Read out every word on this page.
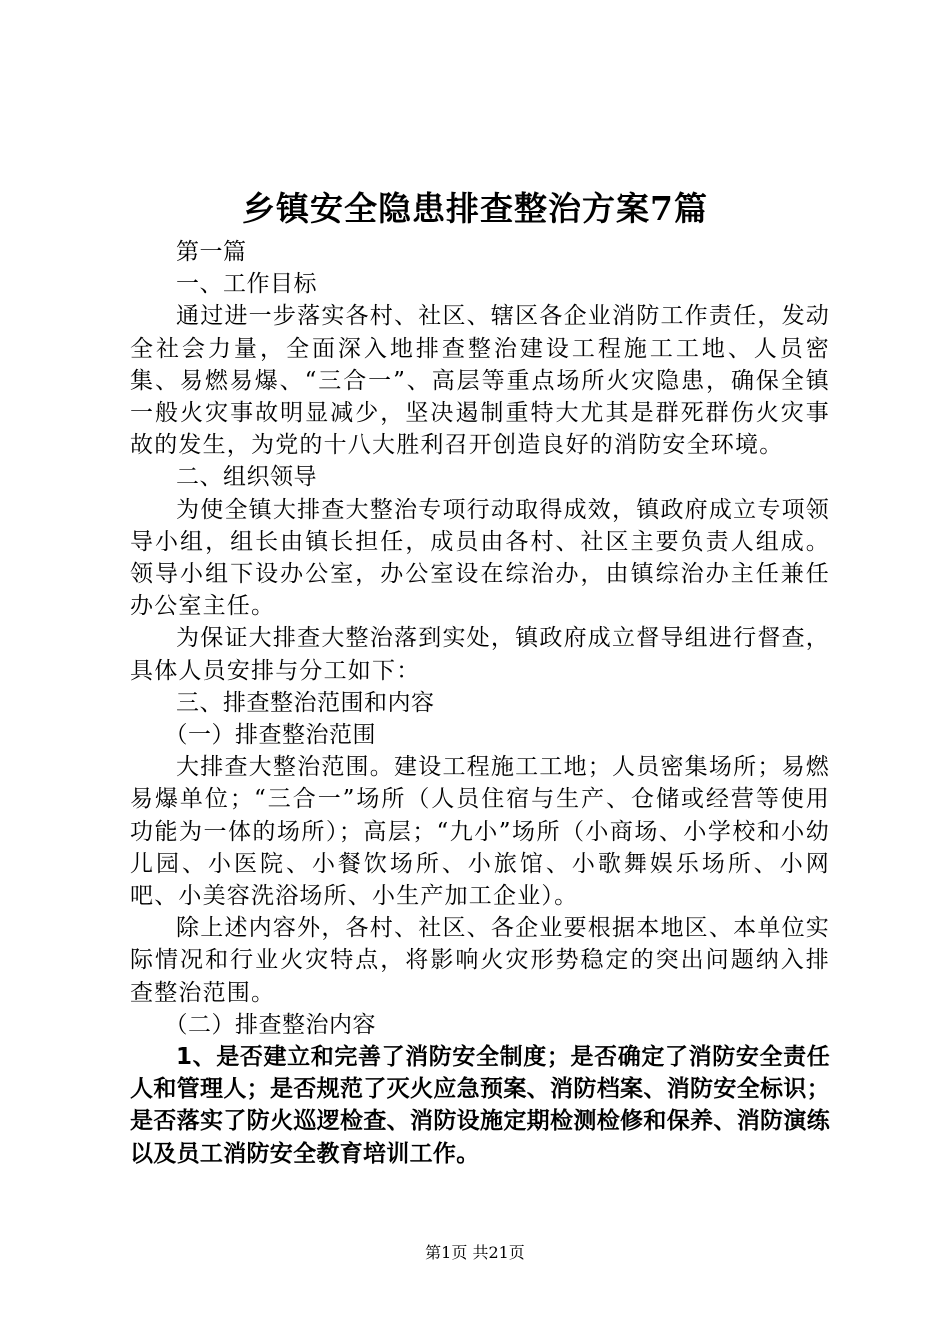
乡镇安全隐患排查整治方案7篇

第一篇

一、工作目标

通过进一步落实各村、社区、辖区各企业消防工作责任，发动全社会力量，全面深入地排查整治建设工程施工工地、人员密集、易燃易爆、“三合一”、高层等重点场所火灾隐患，确保全镇一般火灾事故明显减少，坚决遏制重特大尤其是群死群伤火灾事故的发生，为党的十八大胜利召开创造良好的消防安全环境。

二、组织领导

为使全镇大排查大整治专项行动取得成效，镇政府成立专项领导小组，组长由镇长担任，成员由各村、社区主要负责人组成。领导小组下设办公室，办公室设在综治办，由镇综治办主任兼任办公室主任。

为保证大排查大整治落到实处，镇政府成立督导组进行督查，具体人员安排与分工如下：

三、排查整治范围和内容

（一）排查整治范围

大排查大整治范围。建设工程施工工地；人员密集场所；易燃易爆单位；“三合一”场所（人员住宿与生产、仓储或经营等使用功能为一体的场所）；高层；“九小”场所（小商场、小学校和小幼儿园、小医院、小餐饮场所、小旅馆、小歌舞娱乐场所、小网吧、小美容洗浴场所、小生产加工企业）。

除上述内容外，各村、社区、各企业要根据本地区、本单位实际情况和行业火灾特点，将影响火灾形势稳定的突出问题纳入排查整治范围。

（二）排查整治内容

1、是否建立和完善了消防安全制度；是否确定了消防安全责任人和管理人；是否规范了灭火应急预案、消防档案、消防安全标识；是否落实了防火巡逻检查、消防设施定期检测检修和保养、消防演练以及员工消防安全教育培训工作。

第1页 共21页
